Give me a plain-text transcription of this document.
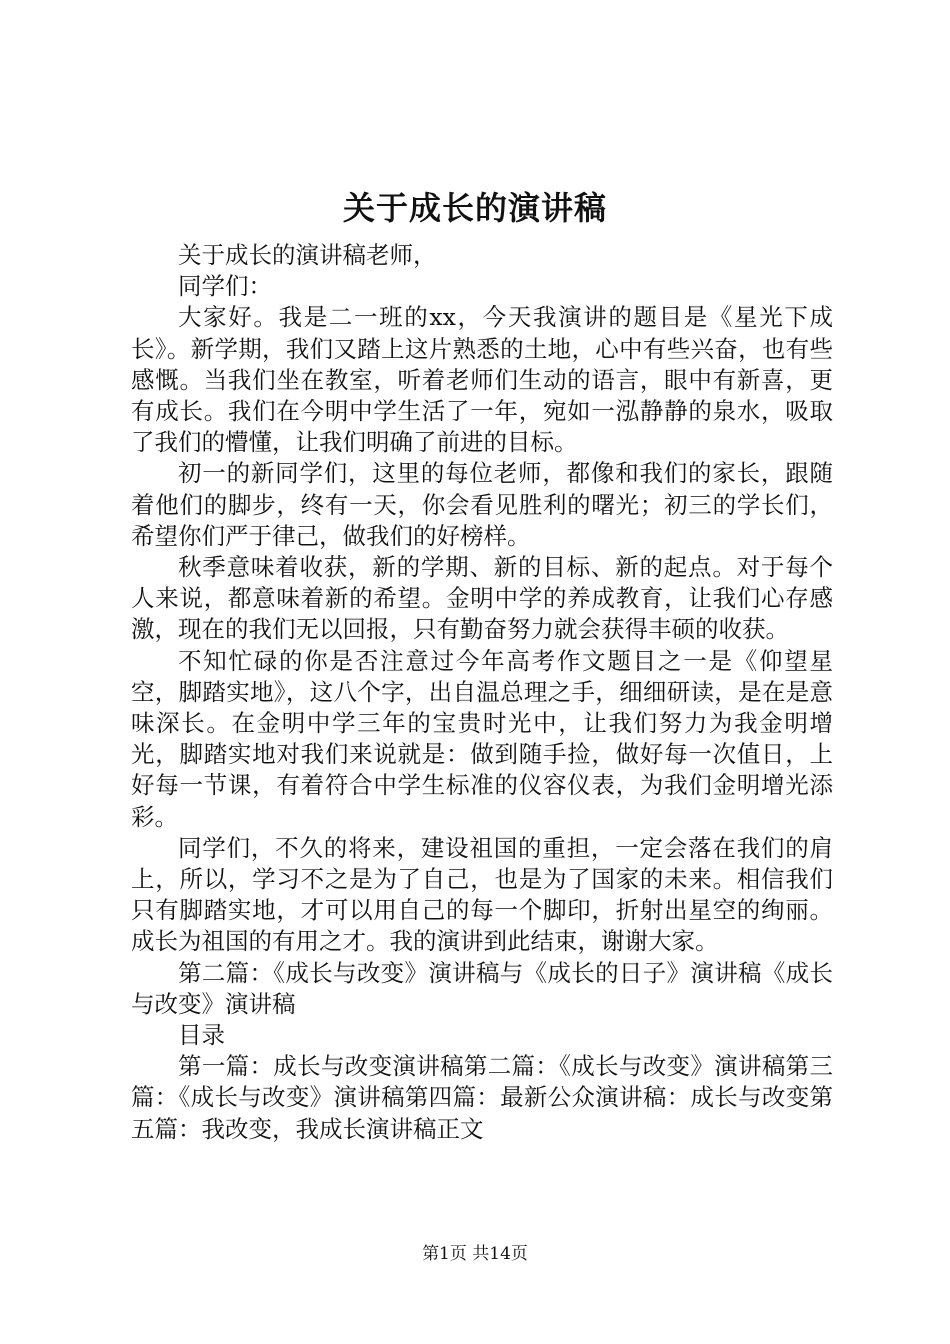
关于成长的演讲稿

关于成长的演讲稿老师，

同学们：

大家好。我是二一班的xx，今天我演讲的题目是《星光下成长》。新学期，我们又踏上这片熟悉的土地，心中有些兴奋，也有些感慨。当我们坐在教室，听着老师们生动的语言，眼中有新喜，更有成长。我们在今明中学生活了一年，宛如一泓静静的泉水，吸取了我们的懵懂，让我们明确了前进的目标。

初一的新同学们，这里的每位老师，都像和我们的家长，跟随着他们的脚步，终有一天，你会看见胜利的曙光；初三的学长们，希望你们严于律己，做我们的好榜样。

秋季意味着收获，新的学期、新的目标、新的起点。对于每个人来说，都意味着新的希望。金明中学的养成教育，让我们心存感激，现在的我们无以回报，只有勤奋努力就会获得丰硕的收获。

不知忙碌的你是否注意过今年高考作文题目之一是《仰望星空，脚踏实地》，这八个字，出自温总理之手，细细研读，是在是意味深长。在金明中学三年的宝贵时光中，让我们努力为我金明增光，脚踏实地对我们来说就是：做到随手捡，做好每一次值日，上好每一节课，有着符合中学生标准的仪容仪表，为我们金明增光添彩。

同学们，不久的将来，建设祖国的重担，一定会落在我们的肩上，所以，学习不之是为了自己，也是为了国家的未来。相信我们只有脚踏实地，才可以用自己的每一个脚印，折射出星空的绚丽。成长为祖国的有用之才。我的演讲到此结束，谢谢大家。

第二篇：《成长与改变》演讲稿与《成长的日子》演讲稿《成长与改变》演讲稿

目录

第一篇：成长与改变演讲稿第二篇：《成长与改变》演讲稿第三篇：《成长与改变》演讲稿第四篇：最新公众演讲稿：成长与改变第五篇：我改变，我成长演讲稿正文

第1页 共14页
